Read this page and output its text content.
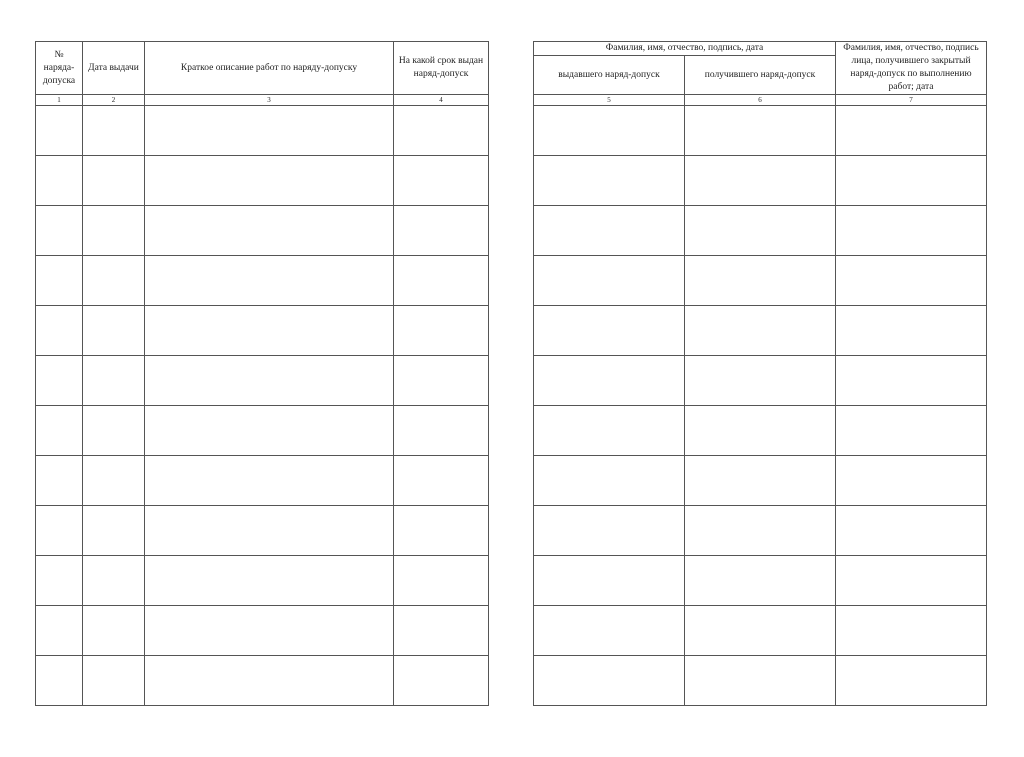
№ наряда-допуска	Дата выдачи	Краткое описание работ по наряду-допуску	На какой срок выдан наряд-допуск

1	2	3	4

Фамилия, имя, отчество, подпись, дата		Фамилия, имя, отчество, подпись лица, получившего закрытый наряд-допуск по выполнению работ; дата

выдавшего наряд-допуск	получившего наряд-допуск	

5	6	7
